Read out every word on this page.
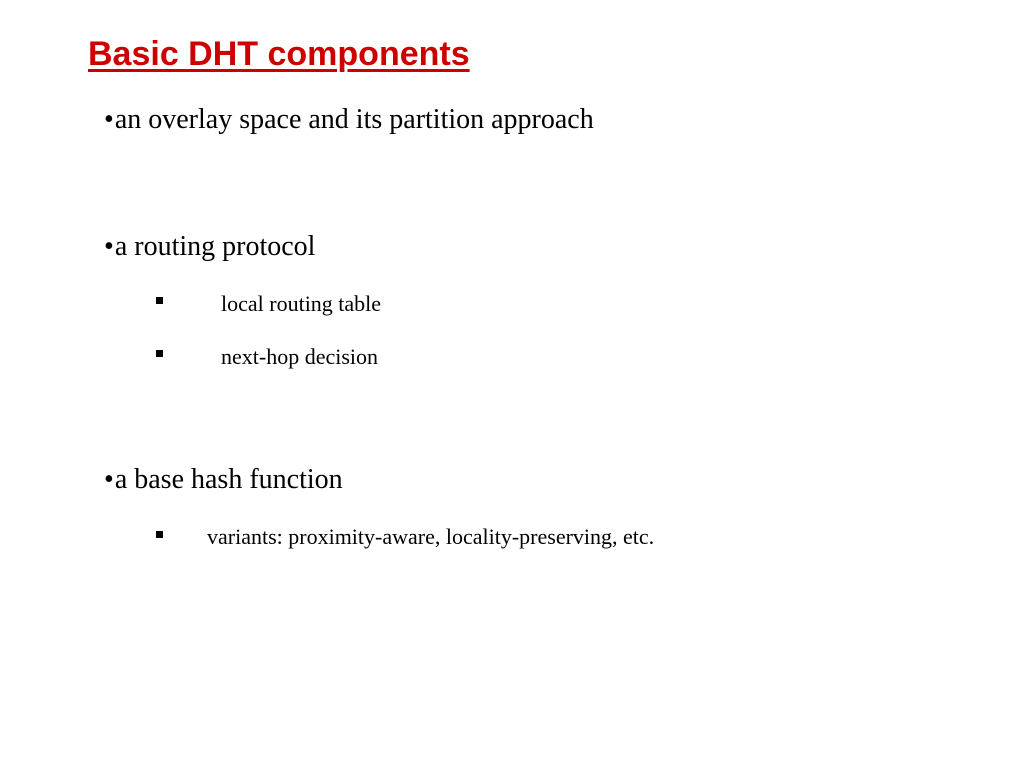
Basic DHT components
•an overlay space and its partition approach
•a routing protocol
local routing table
next-hop decision
•a base hash function
variants: proximity-aware, locality-preserving, etc.
